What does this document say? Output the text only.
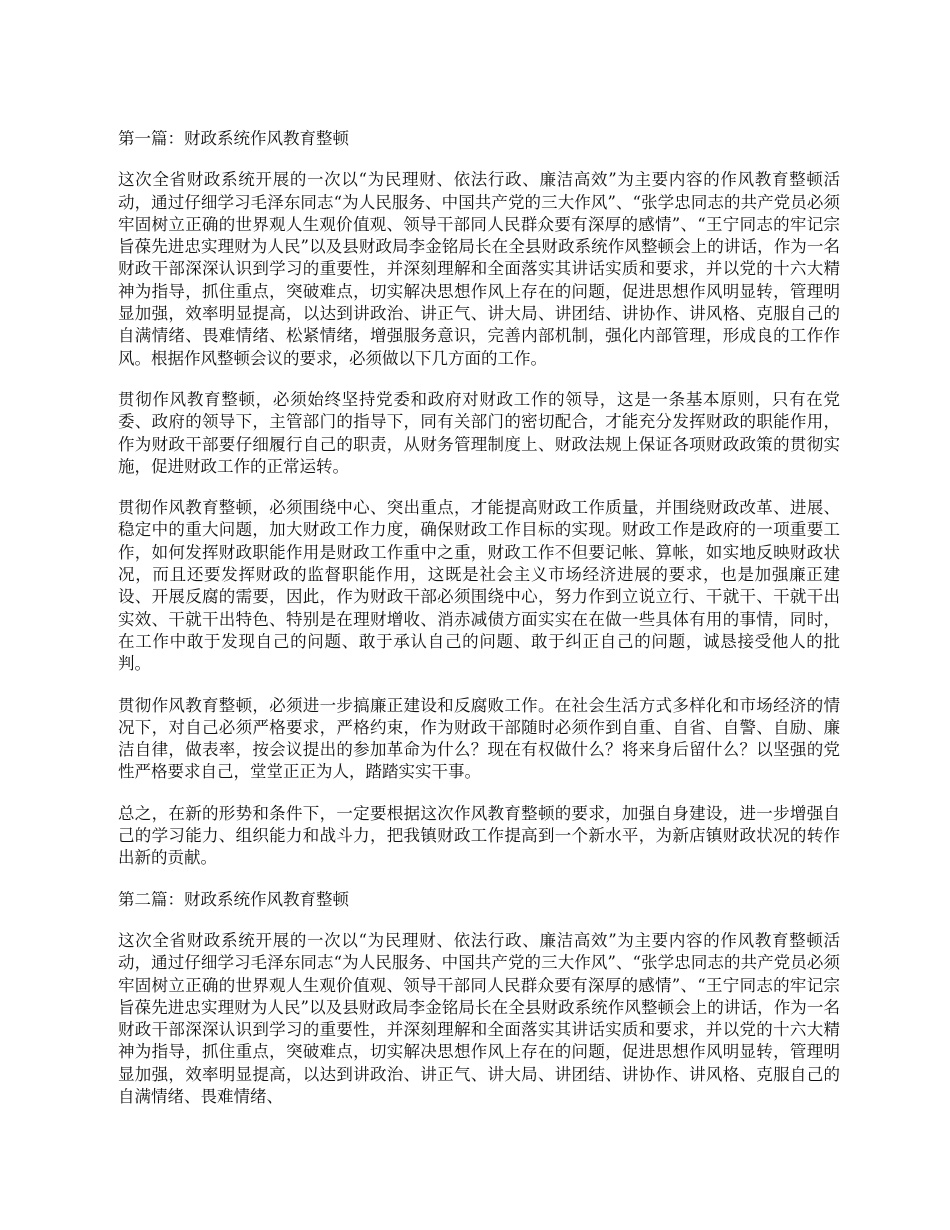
第一篇：财政系统作风教育整顿

这次全省财政系统开展的一次以“为民理财、依法行政、廉洁高效”为主要内容的作风教育整顿活动，通过仔细学习毛泽东同志“为人民服务、中国共产党的三大作风”、“张学忠同志的共产党员必须牢固树立正确的世界观人生观价值观、领导干部同人民群众要有深厚的感情”、“王宁同志的牢记宗旨葆先进忠实理财为人民”以及县财政局李金铭局长在全县财政系统作风整顿会上的讲话，作为一名财政干部深深认识到学习的重要性，并深刻理解和全面落实其讲话实质和要求，并以党的十六大精神为指导，抓住重点，突破难点，切实解决思想作风上存在的问题，促进思想作风明显转，管理明显加强，效率明显提高，以达到讲政治、讲正气、讲大局、讲团结、讲协作、讲风格、克服自己的自满情绪、畏难情绪、松紧情绪，增强服务意识，完善内部机制，强化内部管理，形成良的工作作风。根据作风整顿会议的要求，必须做以下几方面的工作。

贯彻作风教育整顿，必须始终坚持党委和政府对财政工作的领导，这是一条基本原则，只有在党委、政府的领导下，主管部门的指导下，同有关部门的密切配合，才能充分发挥财政的职能作用，作为财政干部要仔细履行自己的职责，从财务管理制度上、财政法规上保证各项财政政策的贯彻实施，促进财政工作的正常运转。

贯彻作风教育整顿，必须围绕中心、突出重点，才能提高财政工作质量，并围绕财政改革、进展、稳定中的重大问题，加大财政工作力度，确保财政工作目标的实现。财政工作是政府的一项重要工作，如何发挥财政职能作用是财政工作重中之重，财政工作不但要记帐、算帐，如实地反映财政状况，而且还要发挥财政的监督职能作用，这既是社会主义市场经济进展的要求，也是加强廉正建设、开展反腐的需要，因此，作为财政干部必须围绕中心，努力作到立说立行、干就干、干就干出实效、干就干出特色、特别是在理财增收、消赤减债方面实实在在做一些具体有用的事情，同时，在工作中敢于发现自己的问题、敢于承认自己的问题、敢于纠正自己的问题，诚恳接受他人的批判。

贯彻作风教育整顿，必须进一步搞廉正建设和反腐败工作。在社会生活方式多样化和市场经济的情况下，对自己必须严格要求，严格约束，作为财政干部随时必须作到自重、自省、自警、自励、廉洁自律，做表率，按会议提出的参加革命为什么？现在有权做什么？将来身后留什么？以坚强的党性严格要求自己，堂堂正正为人，踏踏实实干事。

总之，在新的形势和条件下，一定要根据这次作风教育整顿的要求，加强自身建设，进一步增强自己的学习能力、组织能力和战斗力，把我镇财政工作提高到一个新水平，为新店镇财政状况的转作出新的贡献。

第二篇：财政系统作风教育整顿

这次全省财政系统开展的一次以“为民理财、依法行政、廉洁高效”为主要内容的作风教育整顿活动，通过仔细学习毛泽东同志“为人民服务、中国共产党的三大作风”、“张学忠同志的共产党员必须牢固树立正确的世界观人生观价值观、领导干部同人民群众要有深厚的感情”、“王宁同志的牢记宗旨葆先进忠实理财为人民”以及县财政局李金铭局长在全县财政系统作风整顿会上的讲话，作为一名财政干部深深认识到学习的重要性，并深刻理解和全面落实其讲话实质和要求，并以党的十六大精神为指导，抓住重点，突破难点，切实解决思想作风上存在的问题，促进思想作风明显转，管理明显加强，效率明显提高，以达到讲政治、讲正气、讲大局、讲团结、讲协作、讲风格、克服自己的自满情绪、畏难情绪、
